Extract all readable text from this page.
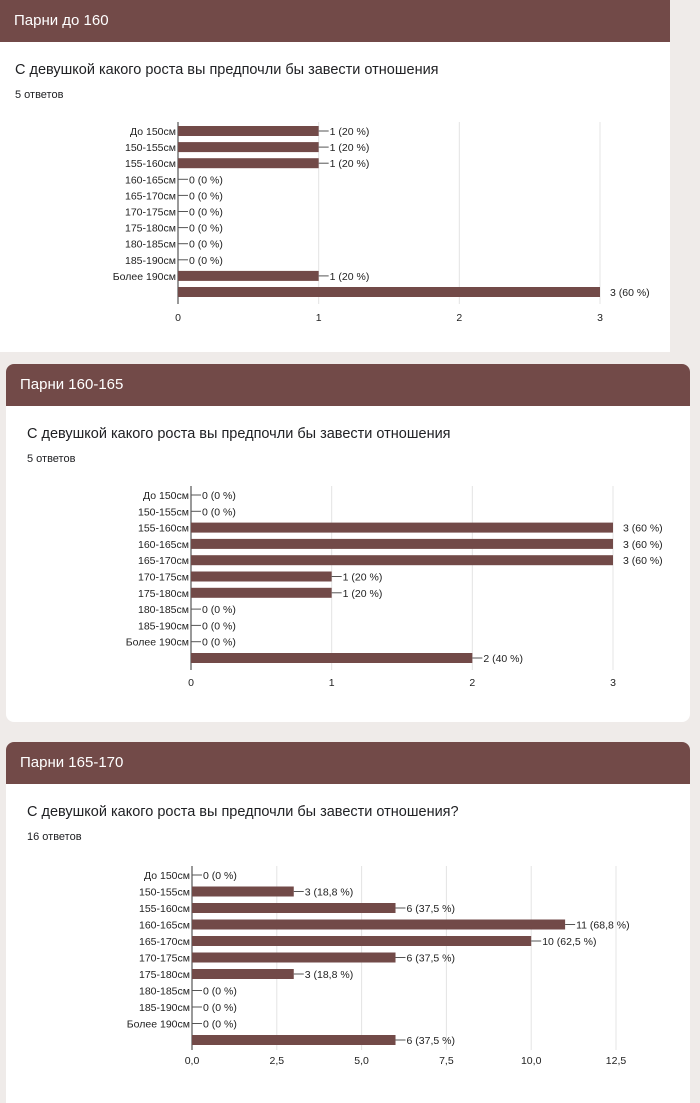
Парни до 160
С девушкой какого роста вы предпочли бы завести отношения
5 ответов
0	1	2	3
До 150см	1 (20 %)
150-155см	1 (20 %)
155-160см	1 (20 %)
160-165см 0 (0 %)
165-170см 0 (0 %)
170-175см 0 (0 %)
175-180см 0 (0 %)
180-185см 0 (0 %)
185-190см 0 (0 %)
Более 190см	1 (20 %)
3 (60 %)
Парни 160-165
С девушкой какого роста вы предпочли бы завести отношения
5 ответов
0	1	2	3
До 150см 0 (0 %)
150-155см 0 (0 %)
155-160см	3 (60 %)
160-165см	3 (60 %)
165-170см	3 (60 %)
170-175см	1 (20 %)
175-180см	1 (20 %)
180-185см 0 (0 %)
185-190см 0 (0 %)
Более 190см 0 (0 %)
2 (40 %)
Парни 165-170
С девушкой какого роста вы предпочли бы завести отношения?
16 ответов
0,0	2,5	5,0	7,5	10,0	12,5
До 150см 0 (0 %)
150-155см	3 (18,8 %)
155-160см	6 (37,5 %)
160-165см	11 (68,8 %)
165-170см	10 (62,5 %)
170-175см	6 (37,5 %)
175-180см	3 (18,8 %)
180-185см 0 (0 %)
185-190см 0 (0 %)
Более 190см 0 (0 %)
6 (37,5 %)
